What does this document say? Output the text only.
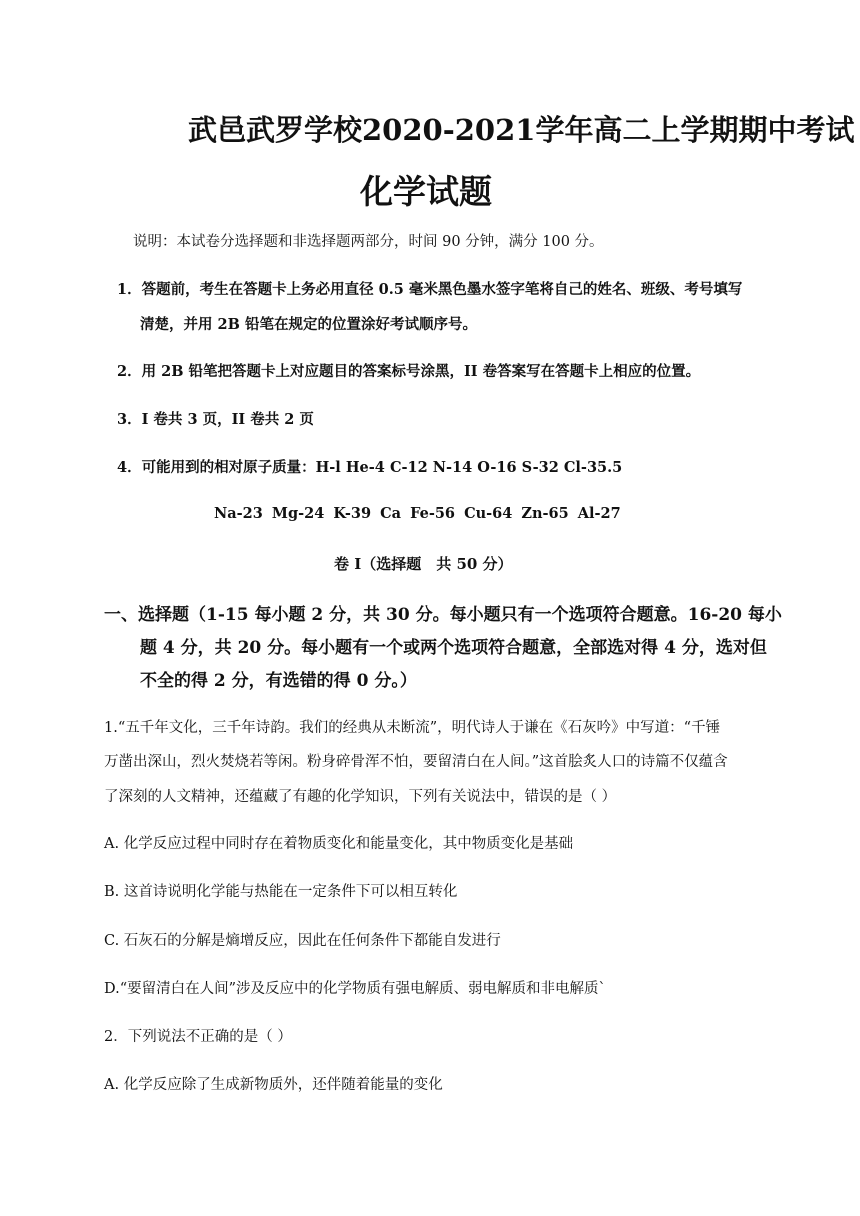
武邑武罗学校2020-2021学年高二上学期期中考试
化学试题
说明：本试卷分选择题和非选择题两部分，时间 90 分钟，满分 100 分。
1．答题前，考生在答题卡上务必用直径 0.5 毫米黑色墨水签字笔将自己的姓名、班级、考号填写
清楚，并用 2B 铅笔在规定的位置涂好考试顺序号。
2．用 2B 铅笔把答题卡上对应题目的答案标号涂黑，II 卷答案写在答题卡上相应的位置。
3．I 卷共 3 页，II 卷共 2 页
4．可能用到的相对原子质量：H-l He-4 C-12 N-14 O-16 S-32 Cl-35.5
Na-23 Mg-24 K-39 Ca Fe-56 Cu-64 Zn-65 Al-27
卷 I（选择题　共 50 分）
一、选择题（1-15 每小题 2 分，共 30 分。每小题只有一个选项符合题意。16-20 每小
题 4 分，共 20 分。每小题有一个或两个选项符合题意，全部选对得 4 分，选对但
不全的得 2 分，有选错的得 0 分。）
1.“五千年文化，三千年诗韵。我们的经典从未断流”，明代诗人于谦在《石灰吟》中写道：“千锤
万凿出深山，烈火焚烧若等闲。粉身碎骨浑不怕，要留清白在人间。”这首脍炙人口的诗篇不仅蕴含
了深刻的人文精神，还蕴藏了有趣的化学知识，下列有关说法中，错误的是（ ）
A. 化学反应过程中同时存在着物质变化和能量变化，其中物质变化是基础
B. 这首诗说明化学能与热能在一定条件下可以相互转化
C. 石灰石的分解是熵增反应，因此在任何条件下都能自发进行
D.“要留清白在人间”涉及反应中的化学物质有强电解质、弱电解质和非电解质`
2．下列说法不正确的是（ ）
A. 化学反应除了生成新物质外，还伴随着能量的变化
